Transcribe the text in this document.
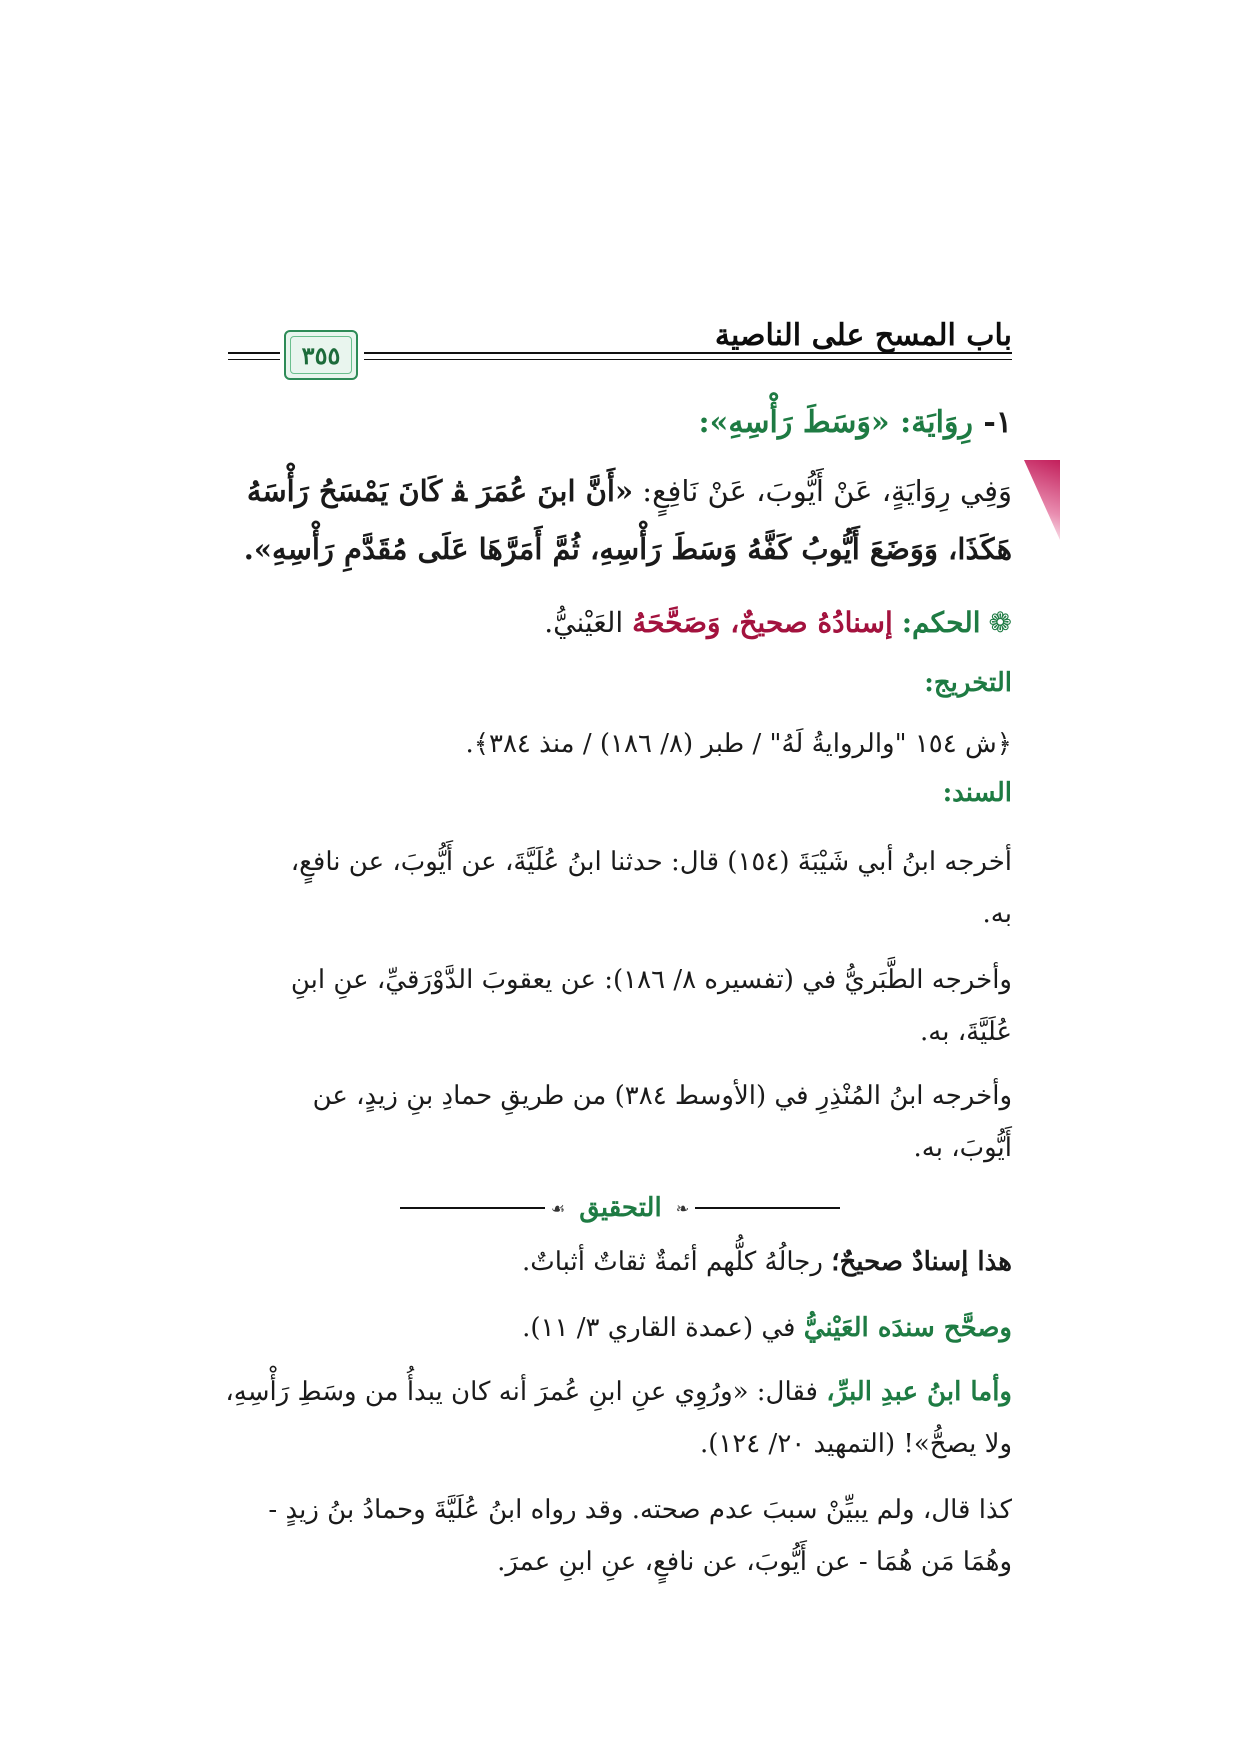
باب المسح على الناصية
٣٥٥
١- رِوَايَة: «وَسَطَ رَأْسِهِ»:
وَفِي رِوَايَةٍ، عَنْ أَيُّوبَ، عَنْ نَافِعٍ: «أَنَّ ابنَ عُمَرَ ﭭ كَانَ يَمْسَحُ رَأْسَهُ
هَكَذَا، وَوَضَعَ أَيُّوبُ كَفَّهُ وَسَطَ رَأْسِهِ، ثُمَّ أَمَرَّهَا عَلَى مُقَدَّمِ رَأْسِهِ».
❁الحكم: إسنادُهُ صحيحٌ، وَصَحَّحَهُ العَيْنيُّ.
التخريج:
﴿ش ١٥٤ "والروايةُ لَهُ" / طبر (٨/ ١٨٦) / منذ ٣٨٤﴾.
السند:
أخرجه ابنُ أبي شَيْبَةَ (١٥٤) قال: حدثنا ابنُ عُلَيَّةَ، عن أَيُّوبَ، عن نافعٍ،
به.
وأخرجه الطَّبَريُّ في (تفسيره ٨/ ١٨٦): عن يعقوبَ الدَّوْرَقيِّ، عنِ ابنِ
عُلَيَّةَ، به.
وأخرجه ابنُ المُنْذِرِ في (الأوسط ٣٨٤) من طريقِ حمادِ بنِ زيدٍ، عن
أَيُّوبَ، به.
❧
التحقيق
☙
هذا إسنادٌ صحيحٌ؛ رجالُهُ كلُّهم أئمةٌ ثقاتٌ أثباتٌ.
وصحَّح سندَه العَيْنيُّ في (عمدة القاري ٣/ ١١).
وأما ابنُ عبدِ البرِّ، فقال: «ورُوِي عنِ ابنِ عُمرَ أنه كان يبدأُ من وسَطِ رَأْسِهِ،
ولا يصحُّ»! (التمهيد ٢٠/ ١٢٤).
كذا قال، ولم يبيِّنْ سببَ عدم صحته. وقد رواه ابنُ عُلَيَّةَ وحمادُ بنُ زيدٍ -
وهُمَا مَن هُمَا - عن أَيُّوبَ، عن نافعٍ، عنِ ابنِ عمرَ.
